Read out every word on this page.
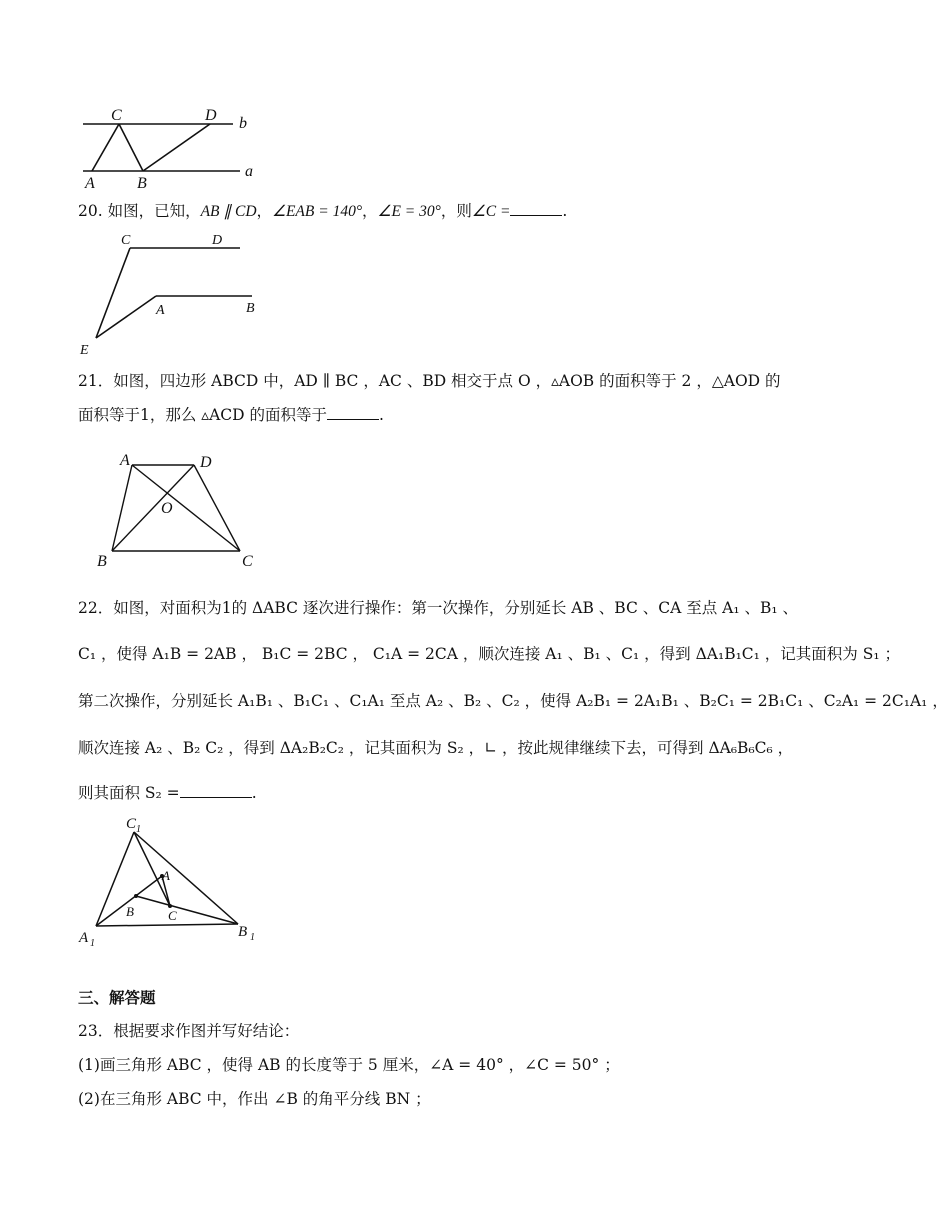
C	D b
A	B
a
20. 如图，已知，AB ∥ CD，∠EAB = 140°，∠E = 30°，则∠C =	.
C	D
A	B
E
21．如图，四边形 ABCD 中，AD ∥ BC ，AC 、BD 相交于点 O ，▵AOB 的面积等于 2 ，△AOD 的
面积等于1，那么 ▵ACD 的面积等于	.
A	D
O
B	C
22．如图，对面积为1的 ΔABC 逐次进行操作：第一次操作，分别延长 AB 、BC 、CA 至点 A₁ 、B₁ 、
C₁ ，使得 A₁B = 2AB ， B₁C = 2BC ， C₁A = 2CA ，顺次连接 A₁ 、B₁ 、C₁ ，得到 ΔA₁B₁C₁ ，记其面积为 S₁ ；
第二次操作，分别延长 A₁B₁ 、B₁C₁ 、C₁A₁ 至点 A₂ 、B₂ 、C₂ ，使得 A₂B₁ = 2A₁B₁ 、B₂C₁ = 2B₁C₁ 、C₂A₁ = 2C₁A₁ ，
顺次连接 A₂ 、B₂ C₂ ，得到 ΔA₂B₂C₂ ，记其面积为 S₂ ，∟ ，按此规律继续下去，可得到 ΔA₆B₆C₆ ，
则其面积 S₂ =	.
C 1
A 1
B 1
A
B	C
三、解答题
23．根据要求作图并写好结论：
(1)画三角形 ABC ，使得 AB 的长度等于 5 厘米，∠A = 40° ，∠C = 50° ；
(2)在三角形 ABC 中，作出 ∠B 的角平分线 BN ；
